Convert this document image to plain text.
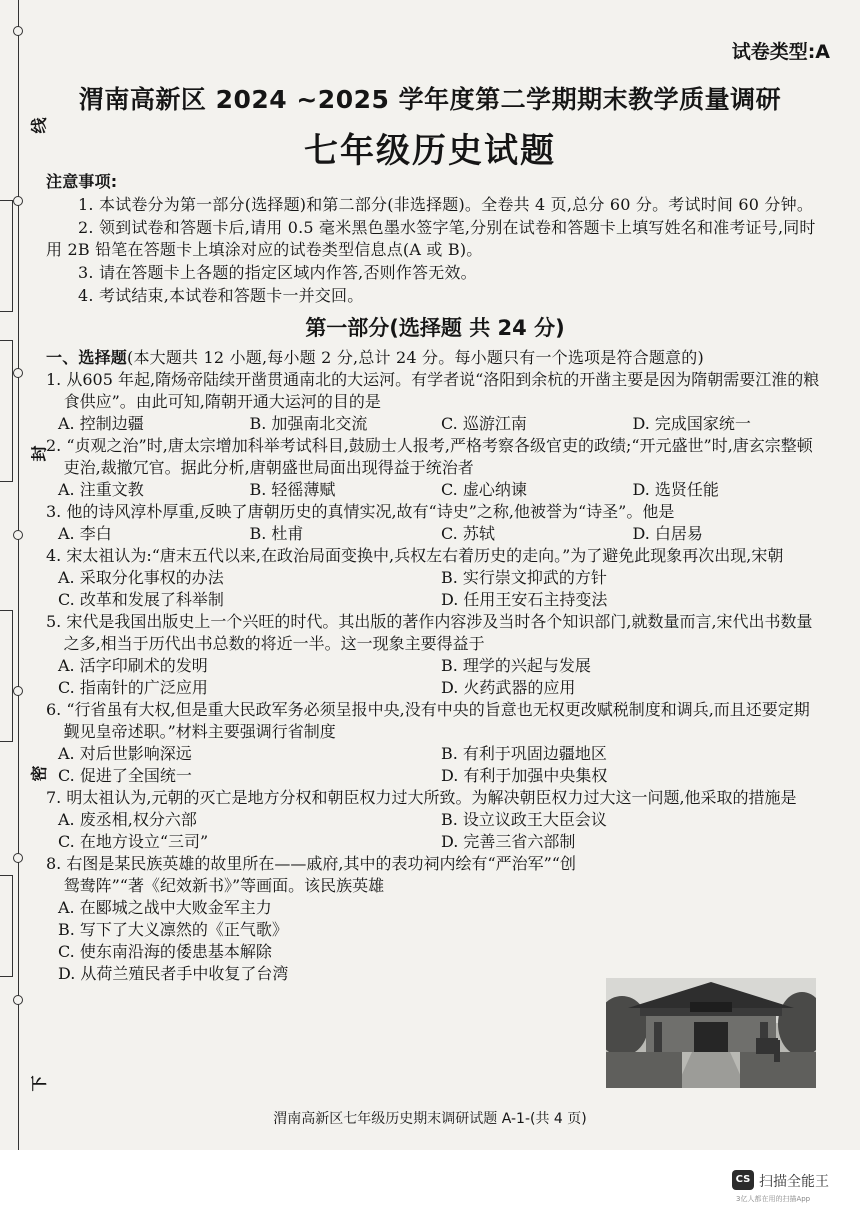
线
封
密
下
试卷类型:A
渭南高新区 2024 ~2025 学年度第二学期期末教学质量调研
七年级历史试题

注意事项:

1. 本试卷分为第一部分(选择题)和第二部分(非选择题)。全卷共 4 页,总分 60 分。考试时间 60 分钟。

2. 领到试卷和答题卡后,请用 0.5 毫米黑色墨水签字笔,分别在试卷和答题卡上填写姓名和准考证号,同时用 2B 铅笔在答题卡上填涂对应的试卷类型信息点(A 或 B)。

3. 请在答题卡上各题的指定区域内作答,否则作答无效。

4. 考试结束,本试卷和答题卡一并交回。

第一部分(选择题 共 24 分)

一、选择题(本大题共 12 小题,每小题 2 分,总计 24 分。每小题只有一个选项是符合题意的)

1. 从605 年起,隋炀帝陆续开凿贯通南北的大运河。有学者说“洛阳到余杭的开凿主要是因为隋朝需要江淮的粮食供应”。由此可知,隋朝开通大运河的目的是

A. 控制边疆	B. 加强南北交流	C. 巡游江南	D. 完成国家统一

2. “贞观之治”时,唐太宗增加科举考试科目,鼓励士人报考,严格考察各级官吏的政绩;“开元盛世”时,唐玄宗整顿吏治,裁撤冗官。据此分析,唐朝盛世局面出现得益于统治者

A. 注重文教	B. 轻徭薄赋	C. 虚心纳谏	D. 选贤任能

3. 他的诗风淳朴厚重,反映了唐朝历史的真情实况,故有“诗史”之称,他被誉为“诗圣”。他是

A. 李白	B. 杜甫	C. 苏轼	D. 白居易

4. 宋太祖认为:“唐末五代以来,在政治局面变换中,兵权左右着历史的走向。”为了避免此现象再次出现,宋朝

A. 采取分化事权的办法	B. 实行崇文抑武的方针
C. 改革和发展了科举制	D. 任用王安石主持变法

5. 宋代是我国出版史上一个兴旺的时代。其出版的著作内容涉及当时各个知识部门,就数量而言,宋代出书数量之多,相当于历代出书总数的将近一半。这一现象主要得益于

A. 活字印刷术的发明	B. 理学的兴起与发展
C. 指南针的广泛应用	D. 火药武器的应用

6. “行省虽有大权,但是重大民政军务必须呈报中央,没有中央的旨意也无权更改赋税制度和调兵,而且还要定期觐见皇帝述职。”材料主要强调行省制度

A. 对后世影响深远	B. 有利于巩固边疆地区
C. 促进了全国统一	D. 有利于加强中央集权

7. 明太祖认为,元朝的灭亡是地方分权和朝臣权力过大所致。为解决朝臣权力过大这一问题,他采取的措施是

A. 废丞相,权分六部	B. 设立议政王大臣会议
C. 在地方设立“三司”	D. 完善三省六部制

8. 右图是某民族英雄的故里所在——戚府,其中的表功祠内绘有“严治军”“创鸳鸯阵”“著《纪效新书》”等画面。该民族英雄

A. 在郾城之战中大败金军主力
B. 写下了大义凛然的《正气歌》
C. 使东南沿海的倭患基本解除
D. 从荷兰殖民者手中收复了台湾
渭南高新区七年级历史期末调研试题 A-1-(共 4 页)
CS 扫描全能王
3亿人都在用的扫描App
